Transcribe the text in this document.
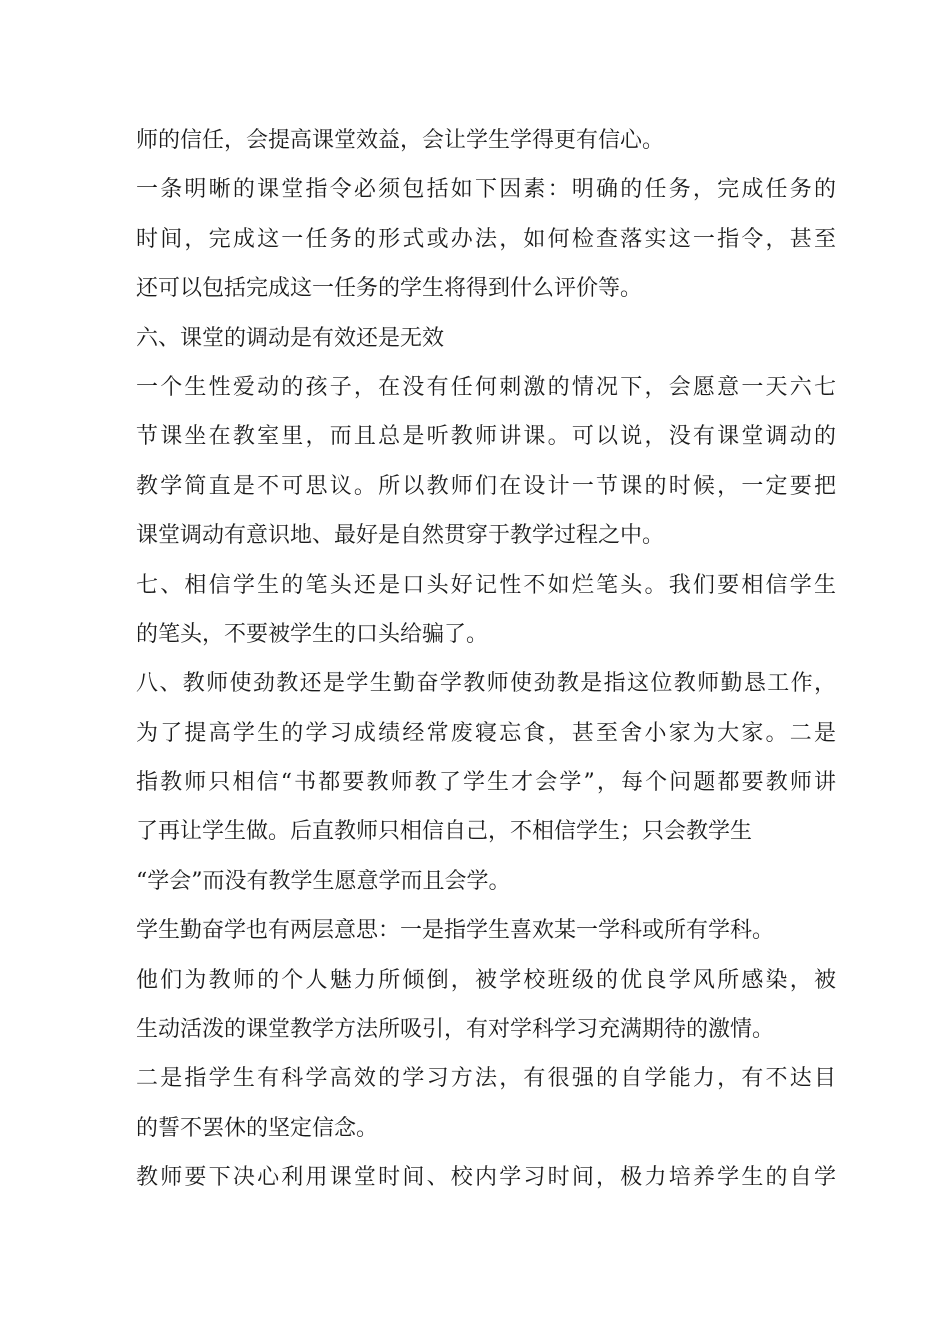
师的信任，会提高课堂效益，会让学生学得更有信心。
一条明晰的课堂指令必须包括如下因素：明确的任务，完成任务的
时间，完成这一任务的形式或办法，如何检查落实这一指令，甚至
还可以包括完成这一任务的学生将得到什么评价等。
六、课堂的调动是有效还是无效
一个生性爱动的孩子，在没有任何刺激的情况下，会愿意一天六七
节课坐在教室里，而且总是听教师讲课。可以说，没有课堂调动的
教学简直是不可思议。所以教师们在设计一节课的时候，一定要把
课堂调动有意识地、最好是自然贯穿于教学过程之中。
七、相信学生的笔头还是口头好记性不如烂笔头。我们要相信学生
的笔头，不要被学生的口头给骗了。
八、教师使劲教还是学生勤奋学教师使劲教是指这位教师勤恳工作，
为了提高学生的学习成绩经常废寝忘食，甚至舍小家为大家。二是
指教师只相信“书都要教师教了学生才会学”，每个问题都要教师讲
了再让学生做。后直教师只相信自己，不相信学生；只会教学生
“学会”而没有教学生愿意学而且会学。
学生勤奋学也有两层意思：一是指学生喜欢某一学科或所有学科。
他们为教师的个人魅力所倾倒，被学校班级的优良学风所感染，被
生动活泼的课堂教学方法所吸引，有对学科学习充满期待的激情。
二是指学生有科学高效的学习方法，有很强的自学能力，有不达目
的誓不罢休的坚定信念。
教师要下决心利用课堂时间、校内学习时间，极力培养学生的自学
